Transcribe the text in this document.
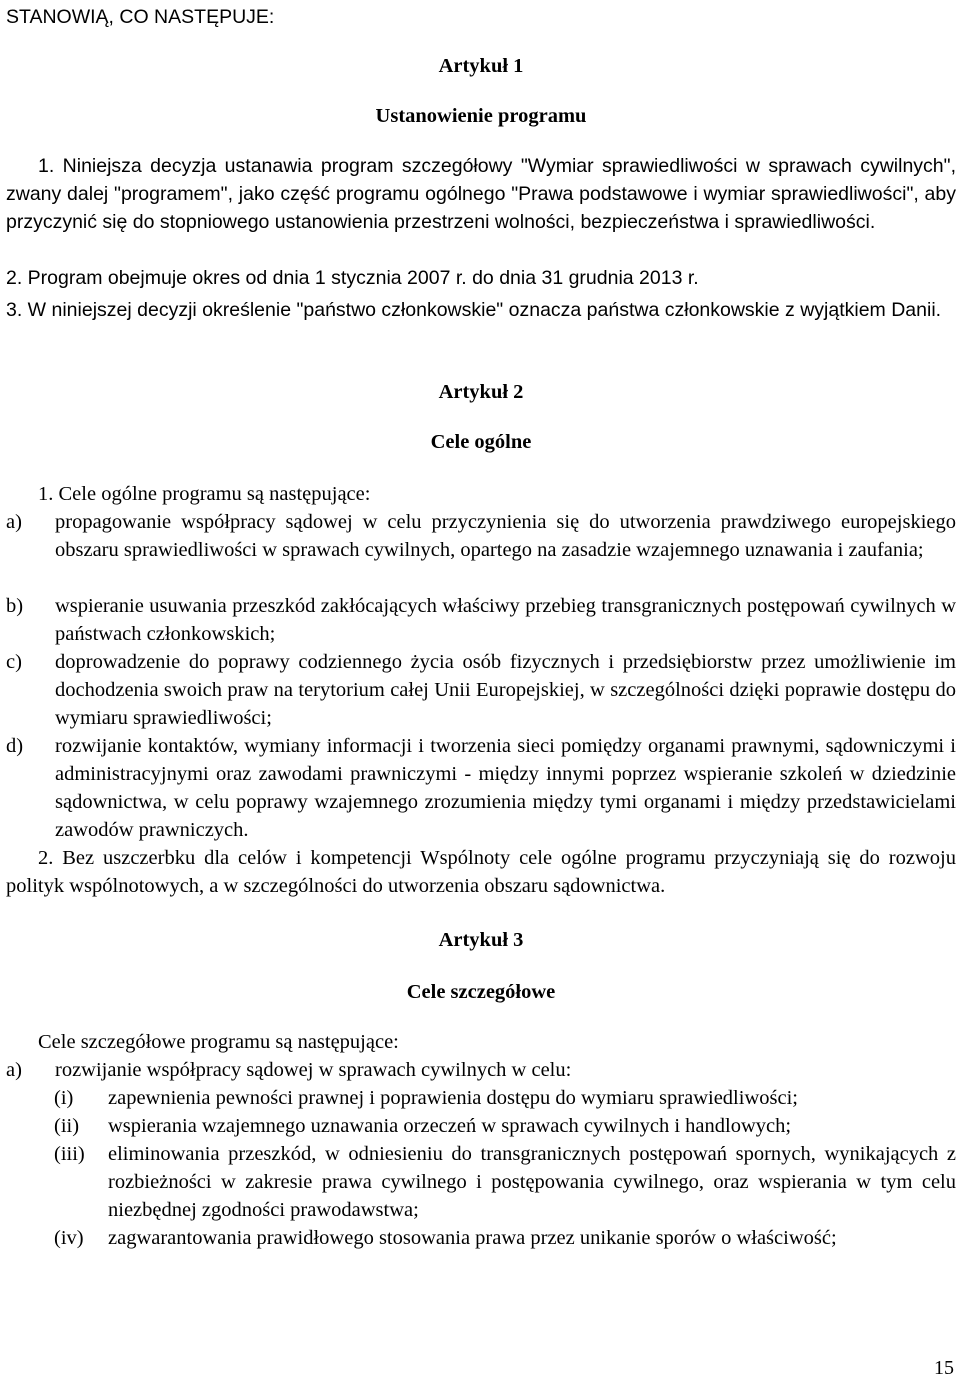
STANOWIĄ, CO NASTĘPUJE:
Artykuł 1
Ustanowienie programu
1. Niniejsza decyzja ustanawia program szczegółowy "Wymiar sprawiedliwości w sprawach cywilnych", zwany dalej "programem", jako część programu ogólnego "Prawa podstawowe i wymiar sprawiedliwości", aby przyczynić się do stopniowego ustanowienia przestrzeni wolności, bezpieczeństwa i sprawiedliwości.
2. Program obejmuje okres od dnia 1 stycznia 2007 r. do dnia 31 grudnia 2013 r.
3. W niniejszej decyzji określenie "państwo członkowskie" oznacza państwa członkowskie z wyjątkiem Danii.
Artykuł 2
Cele ogólne
1. Cele ogólne programu są następujące:
a) propagowanie współpracy sądowej w celu przyczynienia się do utworzenia prawdziwego europejskiego obszaru sprawiedliwości w sprawach cywilnych, opartego na zasadzie wzajemnego uznawania i zaufania;
b) wspieranie usuwania przeszkód zakłócających właściwy przebieg transgranicznych postępowań cywilnych w państwach członkowskich;
c) doprowadzenie do poprawy codziennego życia osób fizycznych i przedsiębiorstw przez umożliwienie im dochodzenia swoich praw na terytorium całej Unii Europejskiej, w szczególności dzięki poprawie dostępu do wymiaru sprawiedliwości;
d) rozwijanie kontaktów, wymiany informacji i tworzenia sieci pomiędzy organami prawnymi, sądowniczymi i administracyjnymi oraz zawodami prawniczymi - między innymi poprzez wspieranie szkoleń w dziedzinie sądownictwa, w celu poprawy wzajemnego zrozumienia między tymi organami i między przedstawicielami zawodów prawniczych.
2. Bez uszczerbku dla celów i kompetencji Wspólnoty cele ogólne programu przyczyniają się do rozwoju polityk wspólnotowych, a w szczególności do utworzenia obszaru sądownictwa.
Artykuł 3
Cele szczegółowe
Cele szczegółowe programu są następujące:
a) rozwijanie współpracy sądowej w sprawach cywilnych w celu:
(i) zapewnienia pewności prawnej i poprawienia dostępu do wymiaru sprawiedliwości;
(ii) wspierania wzajemnego uznawania orzeczeń w sprawach cywilnych i handlowych;
(iii) eliminowania przeszkód, w odniesieniu do transgranicznych postępowań spornych, wynikających z rozbieżności w zakresie prawa cywilnego i postępowania cywilnego, oraz wspierania w tym celu niezbędnej zgodności prawodawstwa;
(iv) zagwarantowania prawidłowego stosowania prawa przez unikanie sporów o właściwość;
15
